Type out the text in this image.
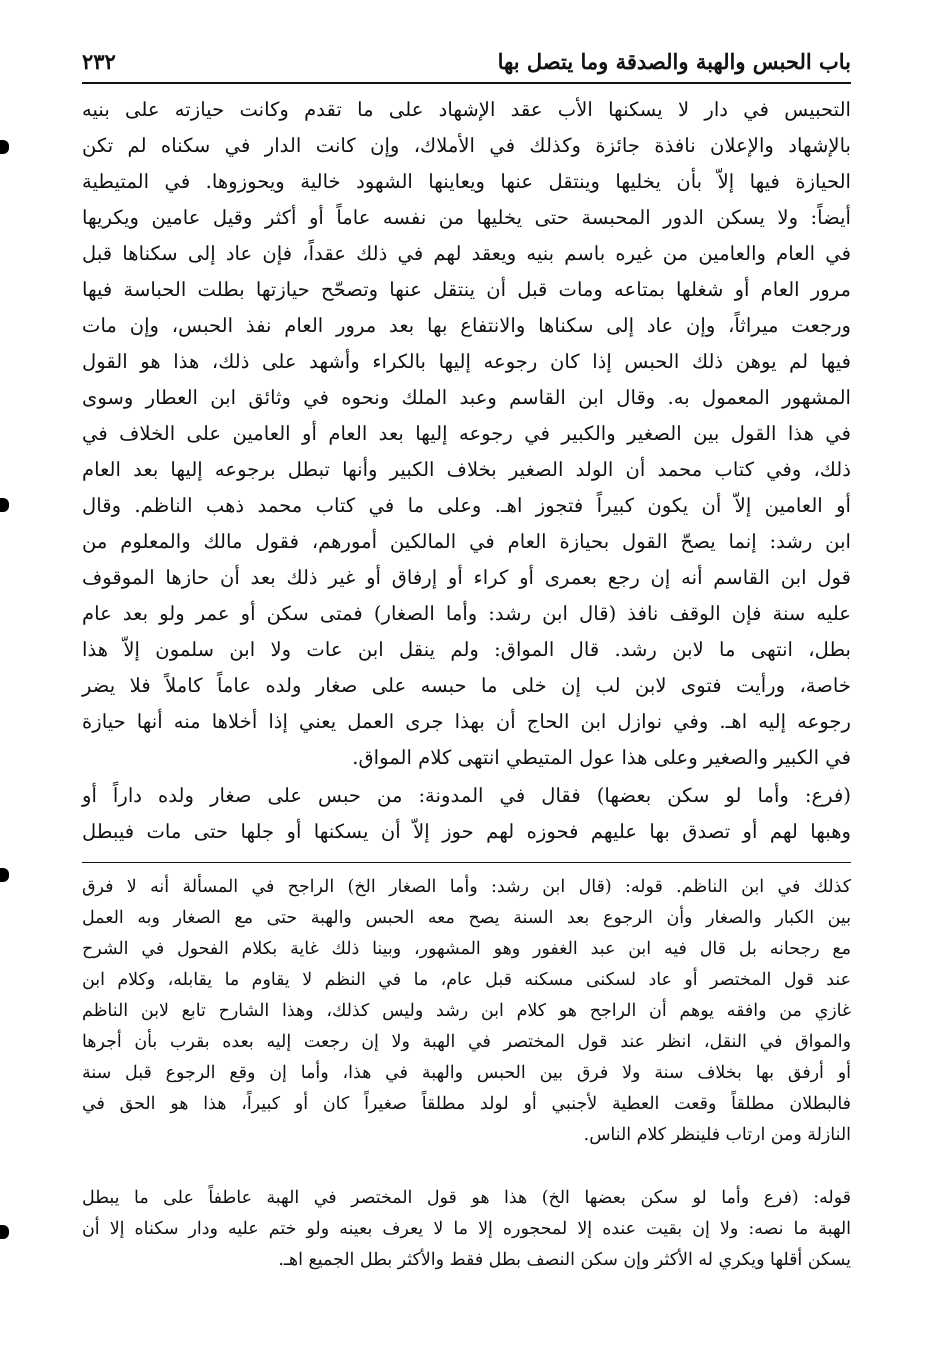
باب الحبس والهبة والصدقة وما يتصل بها
٢٣٢
التحبيس في دار لا يسكنها الأب عقد الإشهاد على ما تقدم وكانت حيازته على بنيه
بالإشهاد والإعلان نافذة جائزة وكذلك في الأملاك، وإن كانت الدار في سكناه لم تكن
الحيازة فيها إلاّ بأن يخليها وينتقل عنها ويعاينها الشهود خالية ويحوزوها. في المتيطية
أيضاً: ولا يسكن الدور المحبسة حتى يخليها من نفسه عاماً أو أكثر وقيل عامين ويكريها
في العام والعامين من غيره باسم بنيه ويعقد لهم في ذلك عقداً، فإن عاد إلى سكناها قبل
مرور العام أو شغلها بمتاعه ومات قبل أن ينتقل عنها وتصحّح حيازتها بطلت الحباسة فيها
ورجعت ميراثاً، وإن عاد إلى سكناها والانتفاع بها بعد مرور العام نفذ الحبس، وإن مات
فيها لم يوهن ذلك الحبس إذا كان رجوعه إليها بالكراء وأشهد على ذلك، هذا هو القول
المشهور المعمول به. وقال ابن القاسم وعبد الملك ونحوه في وثائق ابن العطار وسوى
في هذا القول بين الصغير والكبير في رجوعه إليها بعد العام أو العامين على الخلاف في
ذلك، وفي كتاب محمد أن الولد الصغير بخلاف الكبير وأنها تبطل برجوعه إليها بعد العام
أو العامين إلاّ أن يكون كبيراً فتجوز اهـ. وعلى ما في كتاب محمد ذهب الناظم. وقال
ابن رشد: إنما يصحّ القول بحيازة العام في المالكين أمورهم، فقول مالك والمعلوم من
قول ابن القاسم أنه إن رجع بعمرى أو كراء أو إرفاق أو غير ذلك بعد أن حازها الموقوف
عليه سنة فإن الوقف نافذ (قال ابن رشد: وأما الصغار) فمتى سكن أو عمر ولو بعد عام
بطل، انتهى ما لابن رشد. قال المواق: ولم ينقل ابن عات ولا ابن سلمون إلاّ هذا
خاصة، ورأيت فتوى لابن لب إن خلى ما حبسه على صغار ولده عاماً كاملاً فلا يضر
رجوعه إليه اهـ. وفي نوازل ابن الحاج أن بهذا جرى العمل يعني إذا أخلاها منه أنها حيازة
في الكبير والصغير وعلى هذا عول المتيطي انتهى كلام المواق.
(فرع: وأما لو سكن بعضها) فقال في المدونة: من حبس على صغار ولده داراً أو
وهبها لهم أو تصدق بها عليهم فحوزه لهم حوز إلاّ أن يسكنها أو جلها حتى مات فيبطل
كذلك في ابن الناظم. قوله: (قال ابن رشد: وأما الصغار الخ) الراجح في المسألة أنه لا فرق
بين الكبار والصغار وأن الرجوع بعد السنة يصح معه الحبس والهبة حتى مع الصغار وبه العمل
مع رجحانه بل قال فيه ابن عبد الغفور وهو المشهور، وبينا ذلك غاية بكلام الفحول في الشرح
عند قول المختصر أو عاد لسكنى مسكنه قبل عام، ما في النظم لا يقاوم ما يقابله، وكلام ابن
غازي من وافقه يوهم أن الراجح هو كلام ابن رشد وليس كذلك، وهذا الشارح تابع لابن الناظم
والمواق في النقل، انظر عند قول المختصر في الهبة ولا إن رجعت إليه بعده بقرب بأن أجرها
أو أرفق بها بخلاف سنة ولا فرق بين الحبس والهبة في هذا، وأما إن وقع الرجوع قبل سنة
فالبطلان مطلقاً وقعت العطية لأجنبي أو لولد مطلقاً صغيراً كان أو كبيراً، هذا هو الحق في
النازلة ومن ارتاب فلينظر كلام الناس.
قوله: (فرع وأما لو سكن بعضها الخ) هذا هو قول المختصر في الهبة عاطفاً على ما يبطل
الهبة ما نصه: ولا إن بقيت عنده إلا لمحجوره إلا ما لا يعرف بعينه ولو ختم عليه ودار سكناه إلا أن
يسكن أقلها ويكري له الأكثر وإن سكن النصف بطل فقط والأكثر بطل الجميع اهـ.
